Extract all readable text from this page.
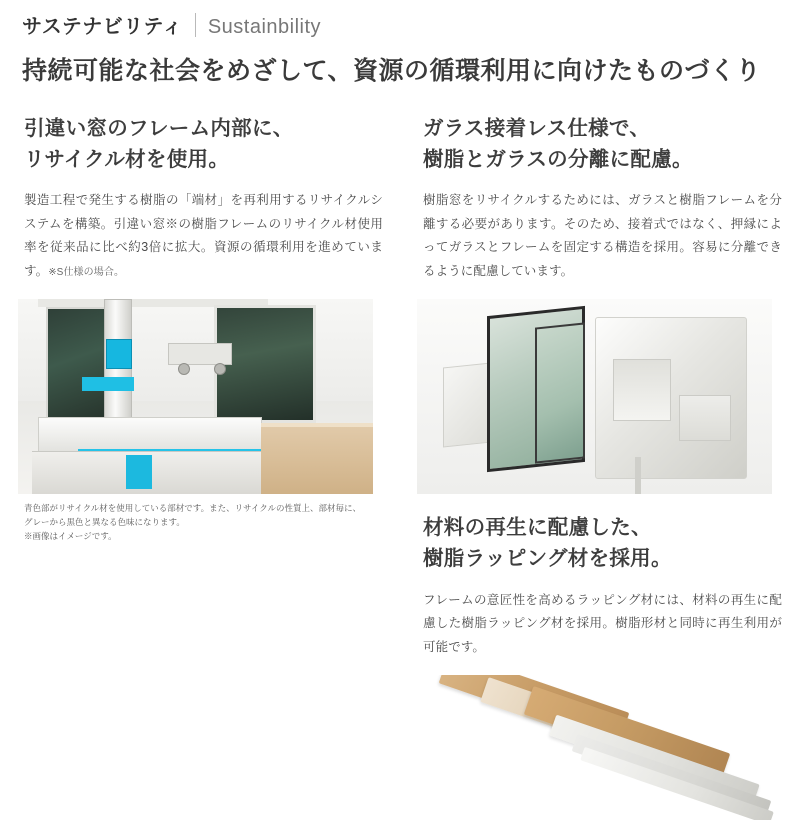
サステナビリティ Sustainbility
持続可能な社会をめざして、資源の循環利用に向けたものづくり
引違い窓のフレーム内部に、
リサイクル材を使用。
製造工程で発生する樹脂の「端材」を再利用するリサイクルシステムを構築。引違い窓※の樹脂フレームのリサイクル材使用率を従来品に比べ約3倍に拡大。資源の循環利用を進めています。※S仕様の場合。
青色部がリサイクル材を使用している部材です。また、リサイクルの性質上、部材毎に、
グレーから黒色と異なる色味になります。
※画像はイメージです。
ガラス接着レス仕様で、
樹脂とガラスの分離に配慮。
樹脂窓をリサイクルするためには、ガラスと樹脂フレームを分離する必要があります。そのため、接着式ではなく、押縁によってガラスとフレームを固定する構造を採用。容易に分離できるように配慮しています。
材料の再生に配慮した、
樹脂ラッピング材を採用。
フレームの意匠性を高めるラッピング材には、材料の再生に配慮した樹脂ラッピング材を採用。樹脂形材と同時に再生利用が可能です。
